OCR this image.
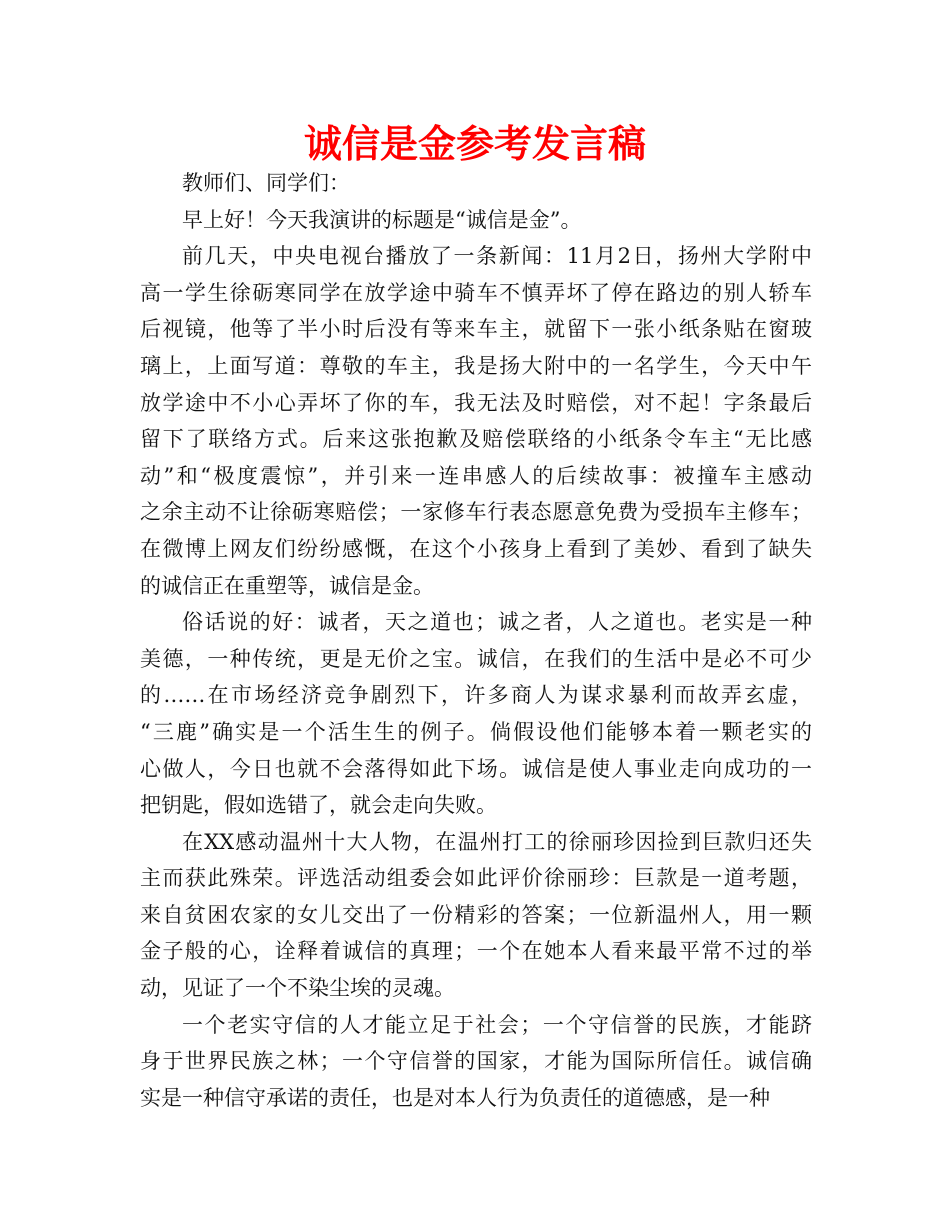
诚信是金参考发言稿
教师们、同学们：
早上好！今天我演讲的标题是“诚信是金”。
前几天，中央电视台播放了一条新闻：11月2日，扬州大学附中
高一学生徐砺寒同学在放学途中骑车不慎弄坏了停在路边的别人轿车
后视镜，他等了半小时后没有等来车主，就留下一张小纸条贴在窗玻
璃上，上面写道：尊敬的车主，我是扬大附中的一名学生，今天中午
放学途中不小心弄坏了你的车，我无法及时赔偿，对不起！字条最后
留下了联络方式。后来这张抱歉及赔偿联络的小纸条令车主“无比感
动”和“极度震惊”，并引来一连串感人的后续故事：被撞车主感动
之余主动不让徐砺寒赔偿；一家修车行表态愿意免费为受损车主修车；
在微博上网友们纷纷感慨，在这个小孩身上看到了美妙、看到了缺失
的诚信正在重塑等，诚信是金。
俗话说的好：诚者，天之道也；诚之者，人之道也。老实是一种
美德，一种传统，更是无价之宝。诚信，在我们的生活中是必不可少
的……在市场经济竞争剧烈下，许多商人为谋求暴利而故弄玄虚，
“三鹿”确实是一个活生生的例子。倘假设他们能够本着一颗老实的
心做人，今日也就不会落得如此下场。诚信是使人事业走向成功的一
把钥匙，假如选错了，就会走向失败。
在XX感动温州十大人物，在温州打工的徐丽珍因捡到巨款归还失
主而获此殊荣。评选活动组委会如此评价徐丽珍：巨款是一道考题，
来自贫困农家的女儿交出了一份精彩的答案；一位新温州人，用一颗
金子般的心，诠释着诚信的真理；一个在她本人看来最平常不过的举
动，见证了一个不染尘埃的灵魂。
一个老实守信的人才能立足于社会；一个守信誉的民族，才能跻
身于世界民族之林；一个守信誉的国家，才能为国际所信任。诚信确
实是一种信守承诺的责任，也是对本人行为负责任的道德感，是一种
